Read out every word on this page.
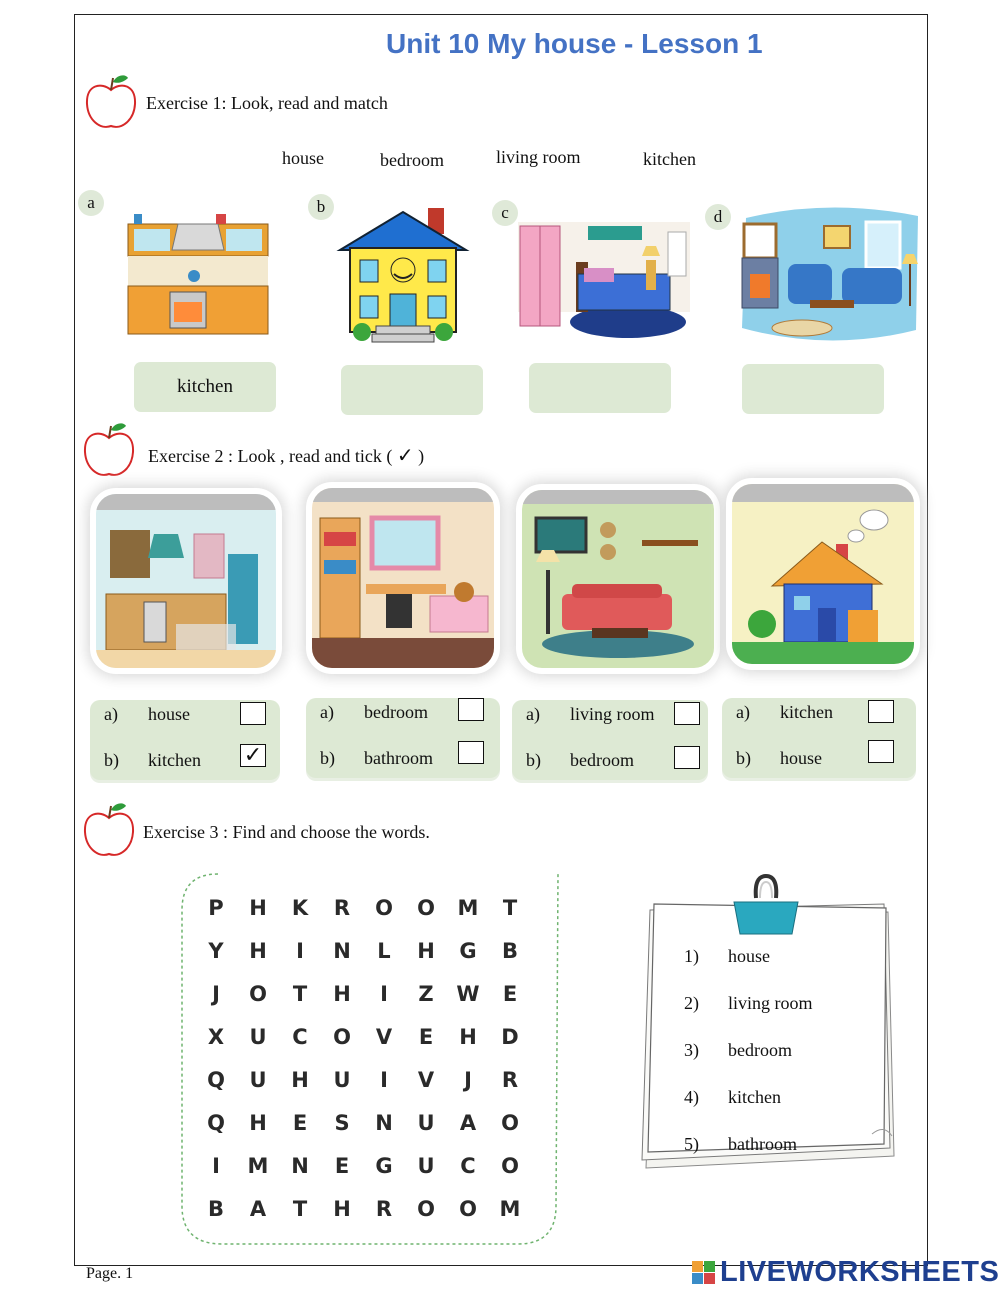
Unit 10 My house - Lesson 1
Exercise 1: Look, read and match
house	bedroom	living room	kitchen
a	b	c	d
kitchen
Exercise 2 : Look , read and tick ( ✓ )
a) house
b) kitchen ✓
a) bedroom
b) bathroom
a) living room
b) bedroom
a) kitchen
b) house
Exercise 3 : Find and choose the words.
P	H	K	R	O	O	M	T
Y	H	I	N	L	H	G	B
J	O	T	H	I	Z	W	E
X	U	C	O	V	E	H	D
Q	U	H	U	I	V	J	R
Q	H	E	S	N	U	A	O
I	M	N	E	G	U	C	O
B	A	T	H	R	O	O	M
1) house
2) living room
3) bedroom
4) kitchen
5) bathroom
Page. 1	LIVEWORKSHEETS
